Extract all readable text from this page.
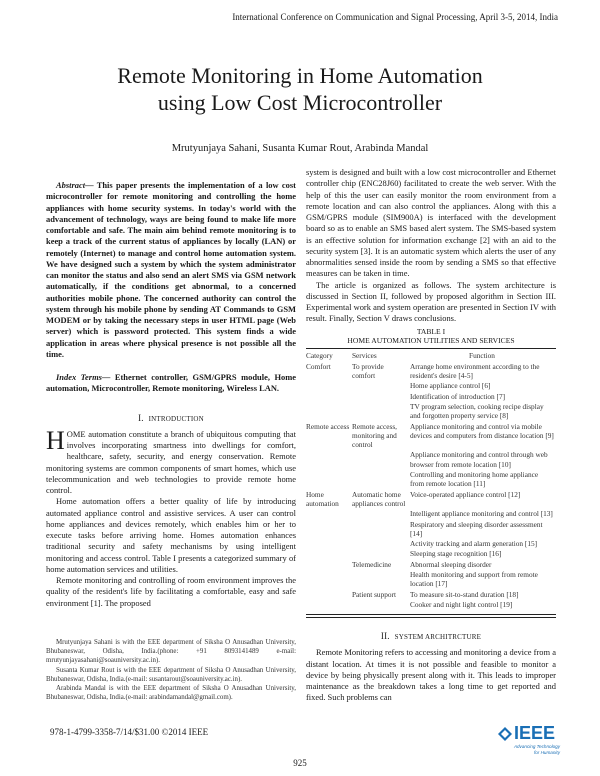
International Conference on Communication and Signal Processing, April 3-5, 2014, India
Remote Monitoring in Home Automation
using Low Cost Microcontroller
Mrutyunjaya Sahani, Susanta Kumar Rout, Arabinda Mandal

Abstract— This paper presents the implementation of a low cost microcontroller for remote monitoring and controlling the home appliances with home security systems. In today's world with the advancement of technology, ways are being found to make life more comfortable and safe. The main aim behind remote monitoring is to keep a track of the current status of appliances by locally (LAN) or remotely (Internet) to manage and control home automation system. We have designed such a system by which the system administrator can monitor the status and also send an alert SMS via GSM network automatically, if the conditions get abnormal, to a concerned authorities mobile phone. The concerned authority can control the system through his mobile phone by sending AT Commands to GSM MODEM or by taking the necessary steps in user HTML page (Web server) which is password protected. This system finds a wide application in areas where physical presence is not possible all the time.

Index Terms— Ethernet controller, GSM/GPRS module, Home automation, Microcontroller, Remote monitoring, Wireless LAN.

I. INTRODUCTION

HOME automation constitute a branch of ubiquitous computing that involves incorporating smartness into dwellings for comfort, healthcare, safety, security, and energy conservation. Remote monitoring systems are common components of smart homes, which use telecommunication and web technologies to provide remote home control.

Home automation offers a better quality of life by introducing automated appliance control and assistive services. A user can control home appliances and devices remotely, which enables him or her to execute tasks before arriving home. Homes automation enhances traditional security and safety mechanisms by using intelligent monitoring and access control. Table I presents a categorized summary of home automation services and utilities.

Remote monitoring and controlling of room environment improves the quality of the resident's life by facilitating a comfortable, easy and safe environment [1]. The proposed

Mrutyunjaya Sahani is with the EEE department of Siksha O Anusadhan University, Bhubaneswar, Odisha, India.(phone: +91 8093141489 e-mail: mrutyunjayasahani@soauniversity.ac.in).

Susanta Kumar Rout is with the EEE department of Siksha O Anusadhan University, Bhubaneswar, Odisha, India.(e-mail: susantarout@soauniversity.ac.in).

Arabinda Mandal is with the EEE department of Siksha O Anusadhan University, Bhubaneswar, Odisha, India.(e-mail: arabindamandal@gmail.com).

978-1-4799-3358-7/14/$31.00 ©2014 IEEE

system is designed and built with a low cost microcontroller and Ethernet controller chip (ENC28J60) facilitated to create the web server. With the help of this the user can easily monitor the room environment from a remote location and can also control the appliances. Along with this a GSM/GPRS module (SIM900A) is interfaced with the development board so as to enable an SMS based alert system. The SMS-based system is an effective solution for information exchange [2] with an aid to the security system [3]. It is an automatic system which alerts the user of any abnormalities sensed inside the room by sending a SMS so that effective measures can be taken in time.

The article is organized as follows. The system architecture is discussed in Section II, followed by proposed algorithm in Section III. Experimental work and system operation are presented in Section IV with result. Finally, Section V draws conclusions.

TABLE I
HOME AUTOMATION UTILITIES AND SERVICES
Category	Services	Function
Comfort	To provide comfort	Arrange home environment according to the resident's desire [4-5]
		Home appliance control [6]
		Identification of introduction [7]
		TV program selection, cooking recipe display and forgotten property service [8]
Remote access	Remote access, monitoring and control	Appliance monitoring and control via mobile devices and computers from distance location [9]
		Appliance monitoring and control through web browser from remote location [10]
		Controlling and monitoring home appliance from remote location [11]
Home automation	Automatic home appliances control	Voice-operated appliance control [12]
		Intelligent appliance monitoring and control [13]
		Respiratory and sleeping disorder assessment [14]
		Activity tracking and alarm generation [15]
		Sleeping stage recognition [16]
	Telemedicine	Abnormal sleeping disorder
		Health monitoring and support from remote location [17]
	Patient support	To measure sit-to-stand duration [18]
		Cooker and night light control [19]
II. SYSTEM ARCHITRCTURE

Remote Monitoring refers to accessing and monitoring a device from a distant location. At times it is not possible and feasible to monitor a device by being physically present along with it. This leads to improper maintenance as the breakdown takes a long time to get reported and fixed. Such problems can

IEEE
Advancing Technology
for Humanity
925
